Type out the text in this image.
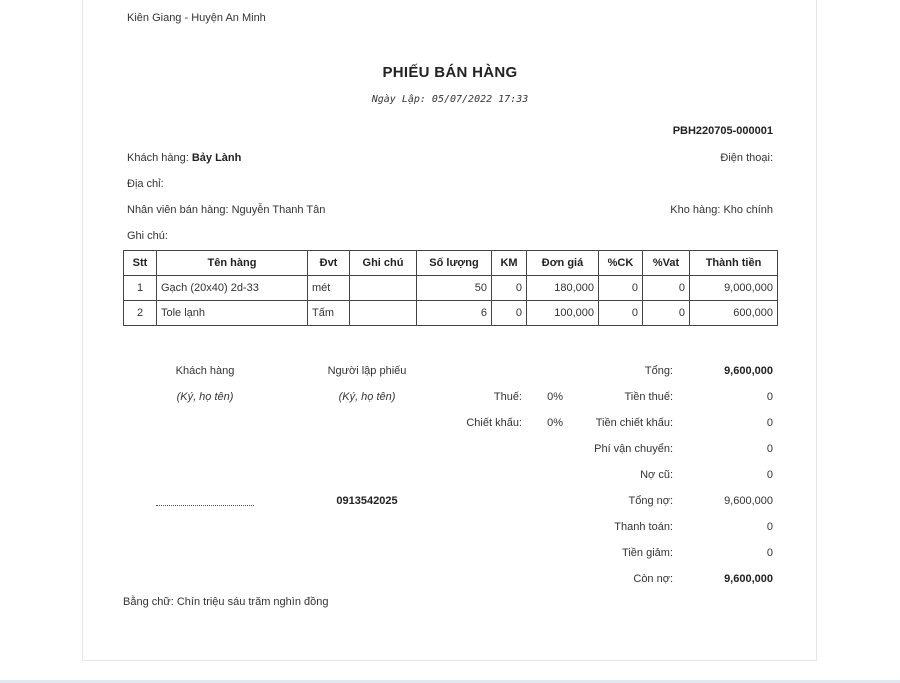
Kiên Giang - Huyện An Minh
PHIẾU BÁN HÀNG
Ngày Lập: 05/07/2022 17:33
PBH220705-000001
Khách hàng: Bảy Lành	Điện thoại:
Địa chỉ:
Nhân viên bán hàng: Nguyễn Thanh Tân	Kho hàng: Kho chính
Ghi chú:
Stt	Tên hàng	Đvt	Ghi chú	Số lượng	KM	Đơn giá	%CK	%Vat	Thành tiền
1	Gạch (20x40) 2d-33	mét		50	0	180,000	0	0	9,000,000
2	Tole lạnh	Tấm		6	0	100,000	0	0	600,000
Khách hàng
(Ký, họ tên)
Người lập phiếu
(Ký, họ tên)
0913542025
Thuế: 0%
Chiết khấu: 0%
Tổng:	9,600,000
Tiền thuế:	0
Tiền chiết khấu:	0
Phí vận chuyển:	0
Nợ cũ:	0
Tổng nợ:	9,600,000
Thanh toán:	0
Tiền giảm:	0
Còn nợ:	9,600,000
Bằng chữ: Chín triệu sáu trăm nghìn đồng
